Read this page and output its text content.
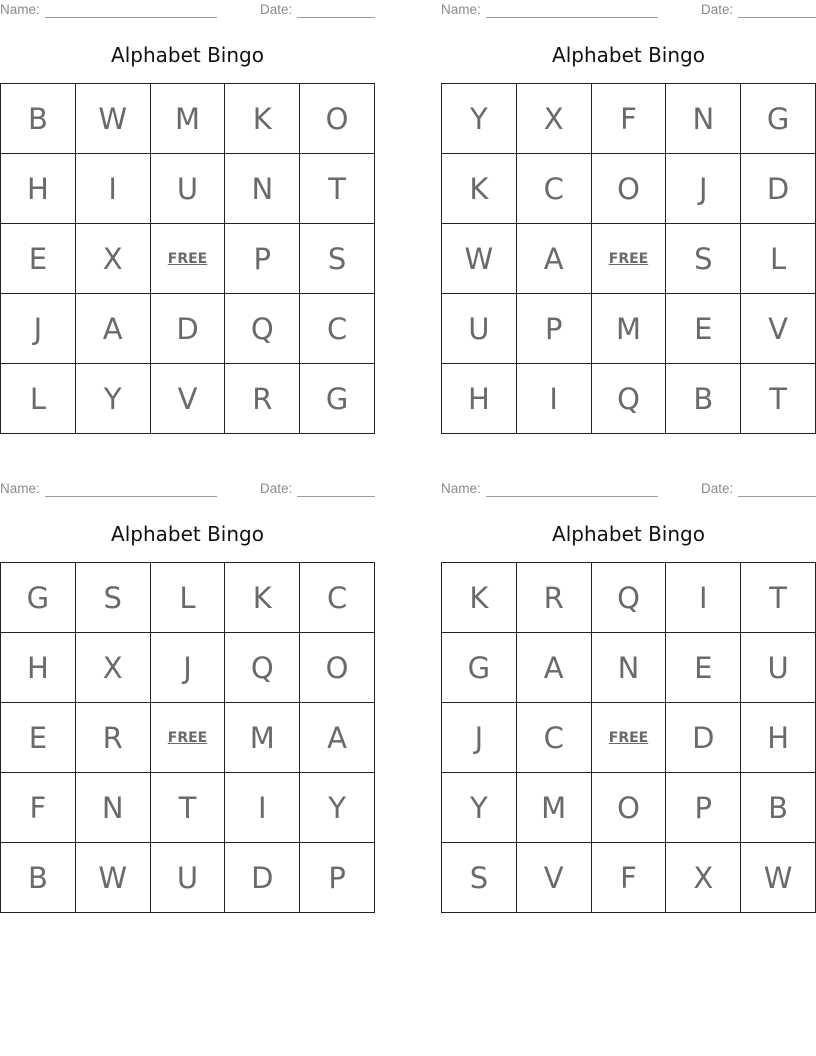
Name:	Date:
Alphabet Bingo
B	W	M	K	O
H	I	U	N	T
E	X	FREE	P	S
J	A	D	Q	C
L	Y	V	R	G
Name:	Date:
Alphabet Bingo
Y	X	F	N	G
K	C	O	J	D
W	A	FREE	S	L
U	P	M	E	V
H	I	Q	B	T
Name:	Date:
Alphabet Bingo
G	S	L	K	C
H	X	J	Q	O
E	R	FREE	M	A
F	N	T	I	Y
B	W	U	D	P
Name:	Date:
Alphabet Bingo
K	R	Q	I	T
G	A	N	E	U
J	C	FREE	D	H
Y	M	O	P	B
S	V	F	X	W
